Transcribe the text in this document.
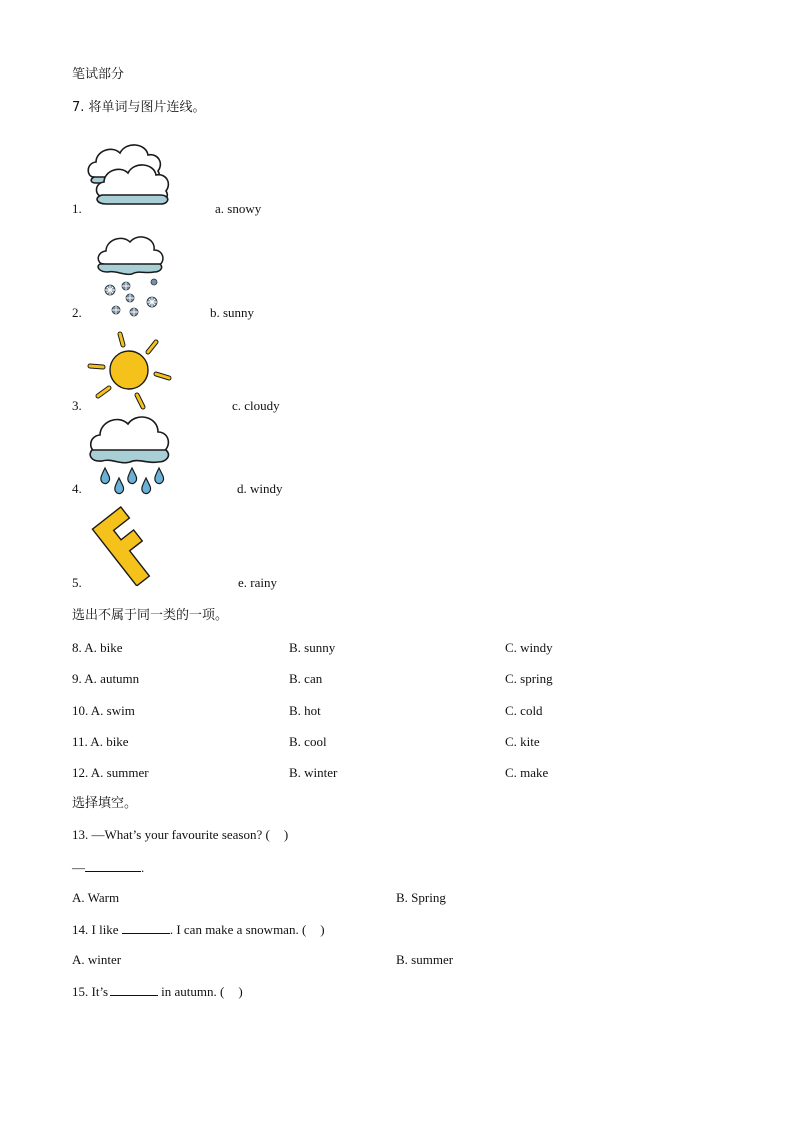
笔试部分
7. 将单词与图片连线。
1.	a. snowy
2.	b. sunny
3.	c. cloudy
4.	d. windy
5.	e. rainy
选出不属于同一类的一项。
8. A. bike	B. sunny	C. windy
9. A. autumn	B. can	C. spring
10. A. swim	B. hot	C. cold
11. A. bike	B. cool	C. kite
12. A. summer	B. winter	C. make
选择填空。
13. —What’s your favourite season? ( )
—	.
A. Warm	B. Spring
14. I like	. I can make a snowman. ( )
A. winter	B. summer
15. It’s	in autumn. ( )
